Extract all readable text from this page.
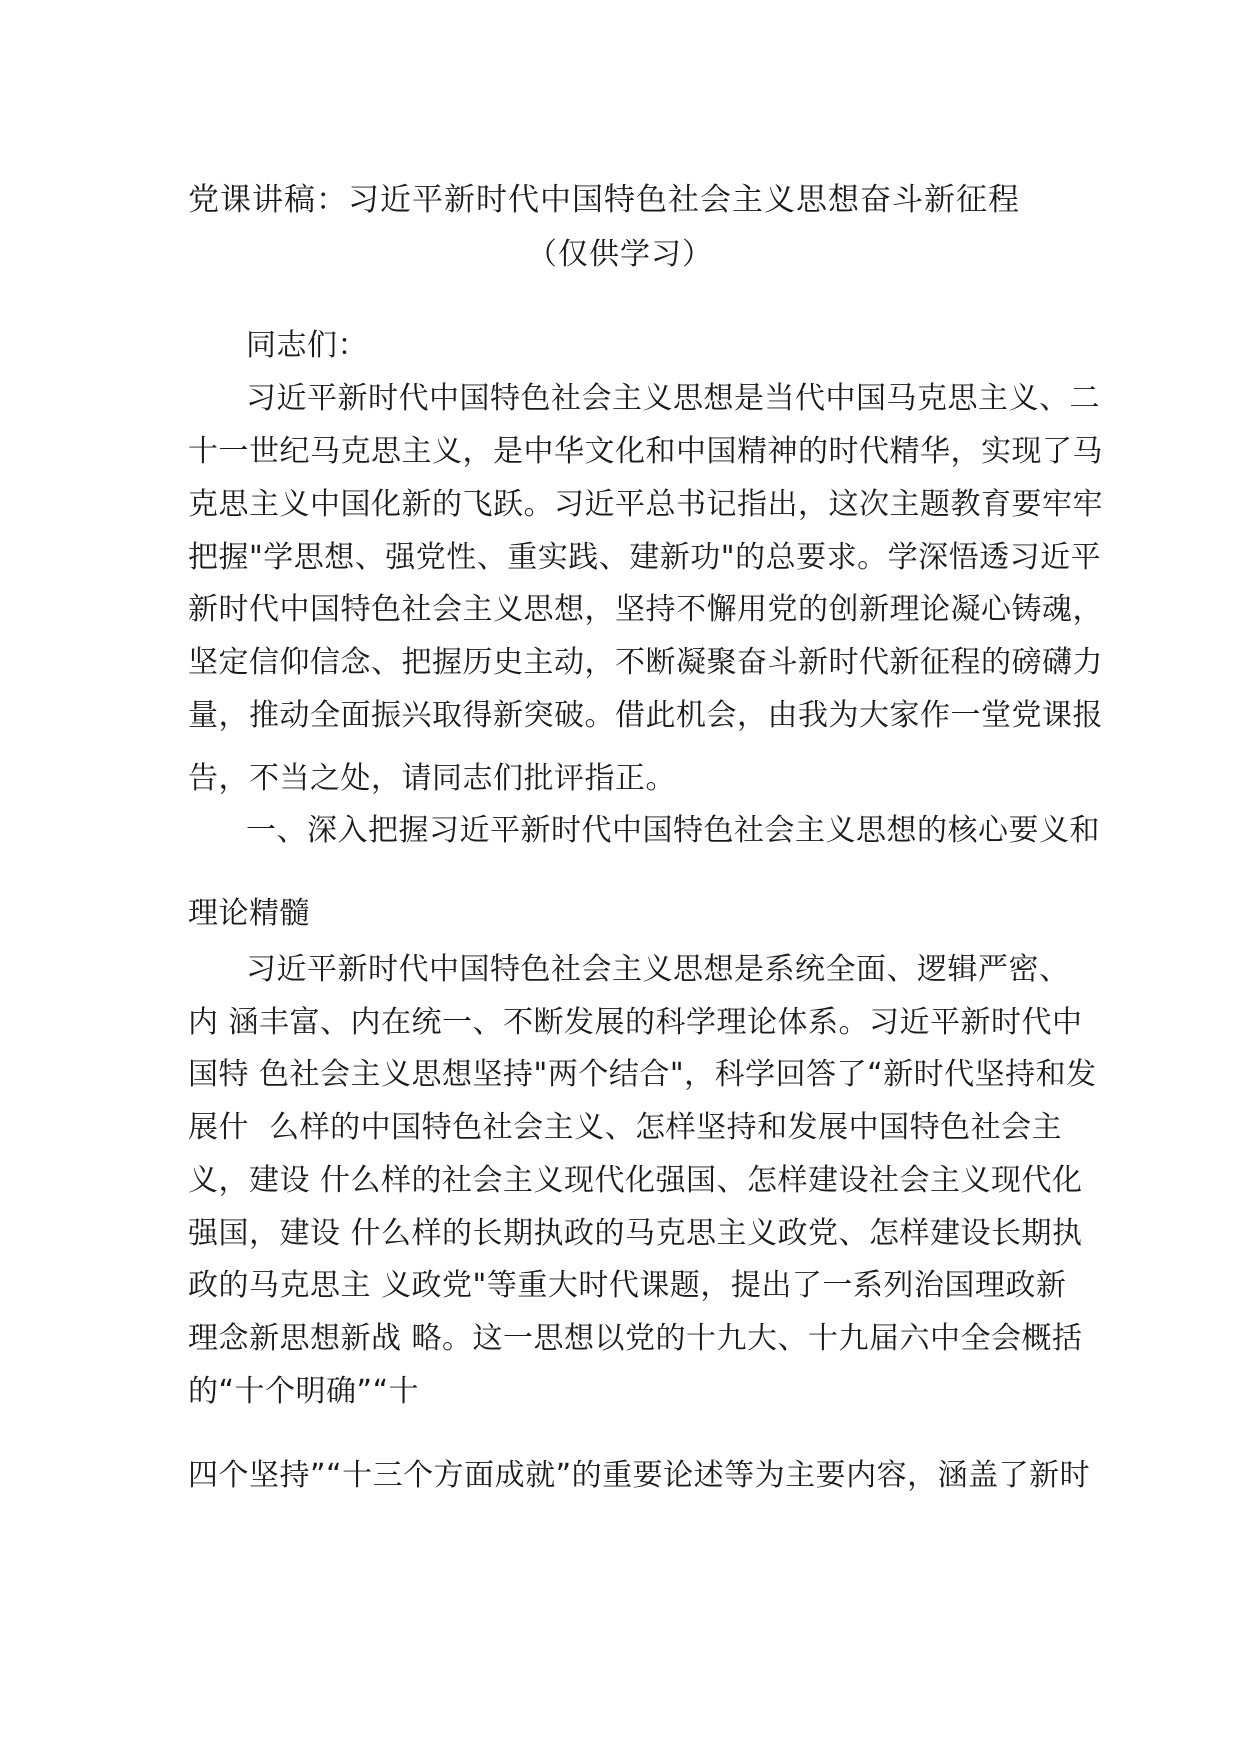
党课讲稿：习近平新时代中国特色社会主义思想奋斗新征程
（仅供学习）
同志们：
习近平新时代中国特色社会主义思想是当代中国马克思主义、二
十一世纪马克思主义，是中华文化和中国精神的时代精华，实现了马
克思主义中国化新的飞跃。习近平总书记指出，这次主题教育要牢牢
把握"学思想、强党性、重实践、建新功"的总要求。学深悟透习近平
新时代中国特色社会主义思想，坚持不懈用党的创新理论凝心铸魂，
坚定信仰信念、把握历史主动，不断凝聚奋斗新时代新征程的磅礴力
量，推动全面振兴取得新突破。借此机会，由我为大家作一堂党课报
告，不当之处，请同志们批评指正。
一、深入把握习近平新时代中国特色社会主义思想的核心要义和
理论精髓
习近平新时代中国特色社会主义思想是系统全面、逻辑严密、
内 涵丰富、内在统一、不断发展的科学理论体系。习近平新时代中
国特 色社会主义思想坚持"两个结合"，科学回答了“新时代坚持和发
展什  么样的中国特色社会主义、怎样坚持和发展中国特色社会主
义，建设 什么样的社会主义现代化强国、怎样建设社会主义现代化
强国，建设 什么样的长期执政的马克思主义政党、怎样建设长期执
政的马克思主 义政党"等重大时代课题，提出了一系列治国理政新
理念新思想新战 略。这一思想以党的十九大、十九届六中全会概括
的“十个明确”“十
四个坚持”“十三个方面成就”的重要论述等为主要内容，涵盖了新时
